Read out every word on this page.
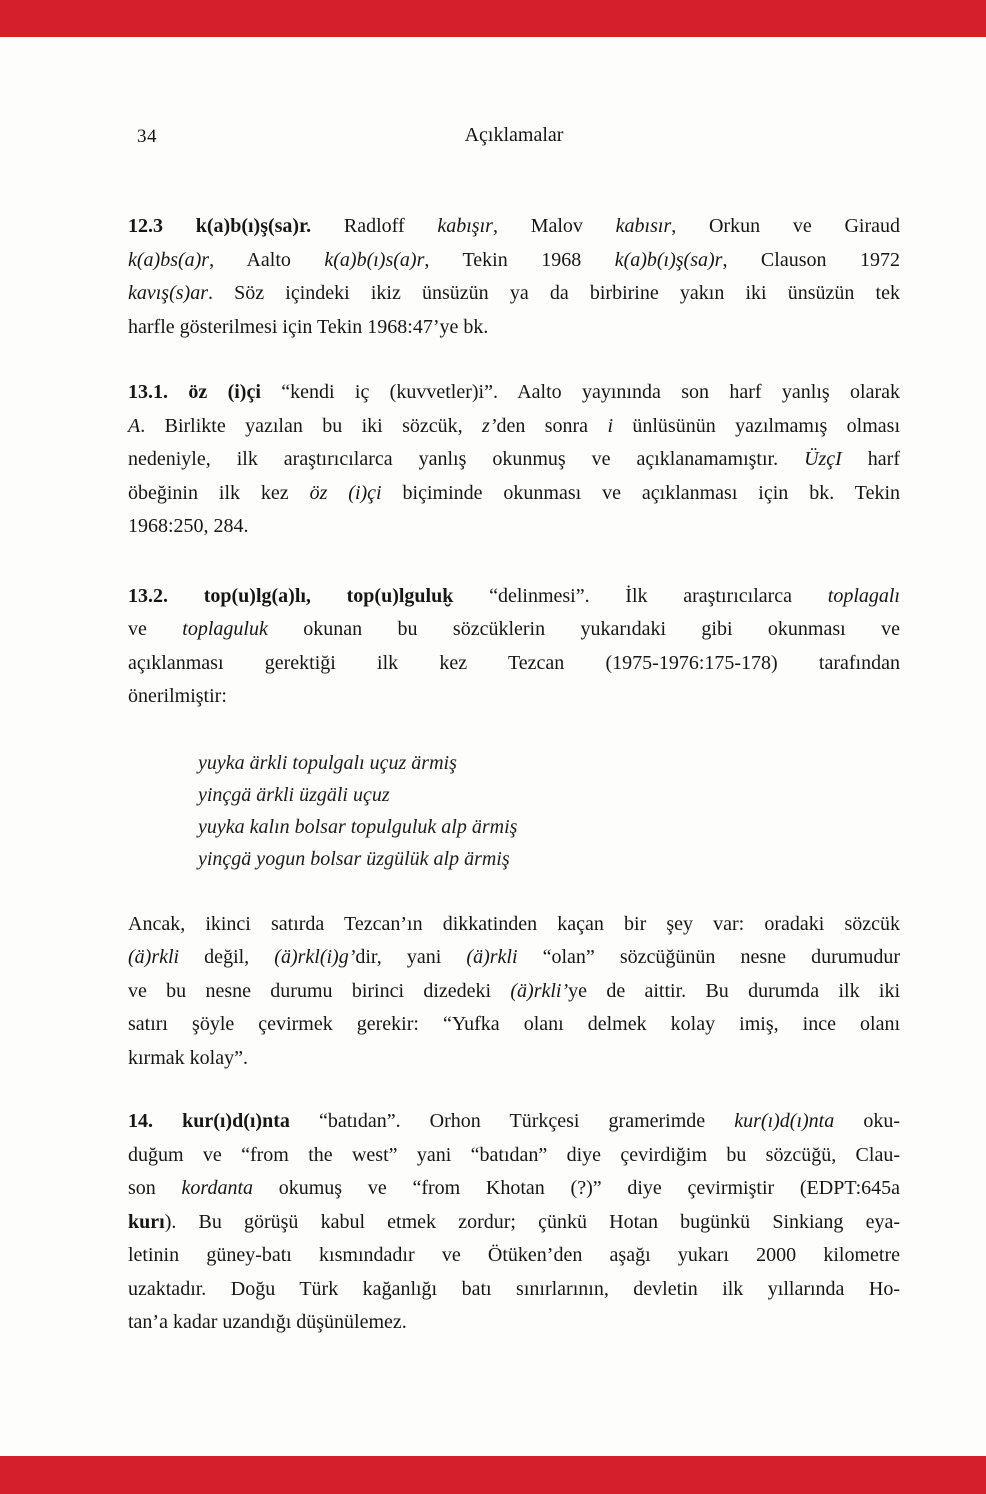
34	Açıklamalar
12.3 k(a)b(ı)ş(sa)r. Radloff kabışır, Malov kabısır, Orkun ve Giraud
k(a)bs(a)r, Aalto k(a)b(ı)s(a)r, Tekin 1968 k(a)b(ı)ş(sa)r, Clauson 1972
kavış(s)ar. Söz içindeki ikiz ünsüzün ya da birbirine yakın iki ünsüzün tek
harfle gösterilmesi için Tekin 1968:47’ye bk.
13.1. öz (i)çi “kendi iç (kuvvetler)i”. Aalto yayınında son harf yanlış olarak
A. Birlikte yazılan bu iki sözcük, z’den sonra i ünlüsünün yazılmamış olması
nedeniyle, ilk araştırıcılarca yanlış okunmuş ve açıklanamamıştır. ÜzçI harf
öbeğinin ilk kez öz (i)çi biçiminde okunması ve açıklanması için bk. Tekin
1968:250, 284.
13.2. top(u)lg(a)lı, top(u)lguluk̮ “delinmesi”. İlk araştırıcılarca toplagalı
ve toplaguluk okunan bu sözcüklerin yukarıdaki gibi okunması ve
açıklanması gerektiği ilk kez Tezcan (1975-1976:175-178) tarafından
önerilmiştir:
yuyka ärkli topulgalı uçuz ärmiş
yinçgä ärkli üzgäli uçuz
yuyka kalın bolsar topulguluk alp ärmiş
yinçgä yogun bolsar üzgülük alp ärmiş
Ancak, ikinci satırda Tezcan’ın dikkatinden kaçan bir şey var: oradaki sözcük
(ä)rkli değil, (ä)rkl(i)g’dir, yani (ä)rkli “olan” sözcüğünün nesne durumudur
ve bu nesne durumu birinci dizedeki (ä)rkli’ye de aittir. Bu durumda ilk iki
satırı şöyle çevirmek gerekir: “Yufka olanı delmek kolay imiş, ince olanı
kırmak kolay”.
14. kur(ı)d(ı)nta “batıdan”. Orhon Türkçesi gramerimde kur(ı)d(ı)nta oku-
duğum ve “from the west” yani “batıdan” diye çevirdiğim bu sözcüğü, Clau-
son kordanta okumuş ve “from Khotan (?)” diye çevirmiştir (EDPT:645a
kurı). Bu görüşü kabul etmek zordur; çünkü Hotan bugünkü Sinkiang eya-
letinin güney-batı kısmındadır ve Ötüken’den aşağı yukarı 2000 kilometre
uzaktadır. Doğu Türk kağanlığı batı sınırlarının, devletin ilk yıllarında Ho-
tan’a kadar uzandığı düşünülemez.
